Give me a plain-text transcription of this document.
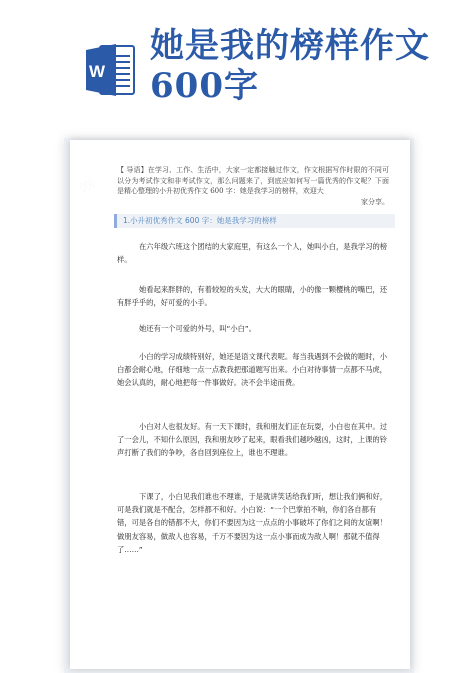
W
她是我的榜样作文
600字
【 导语】在学习、工作、生活中，大家一定都接触过作文，作文根据写作时限的不同可以分为考试作文和非考试作文，那么问题来了，到底应如何写一篇优秀的作文呢？下面是精心整理的小升初优秀作文 600 字：她是我学习的榜样，欢迎大
家分享。
1.小升初优秀作文 600 字：她是我学习的榜样
在六年级六班这个团结的大家庭里，有这么一个人，她叫小白，是我学习的榜样。
她看起来胖胖的，有着较短的头发，大大的眼睛，小的像一颗樱桃的嘴巴，还有胖乎乎的，好可爱的小手。
她还有一个可爱的外号，叫“小白”。
小白的学习成绩特别好，她还是语文课代表呢。每当我遇到不会做的题时，小白都会耐心地，仔细地一点一点教我把那道题写出来。小白对待事情一点都不马虎，她会认真的，耐心地把每一件事做好。决不会半途而费。
小白对人也很友好。有一天下课时，我和朋友们正在玩耍，小白也在其中。过了一会儿，不知什么原因，我和朋友吵了起来，眼看我们越吵越凶，这时，上课的铃声打断了我们的争吵，各自回到座位上，谁也不理谁。
下课了，小白见我们谁也不理谁，于是就讲笑话给我们听，想让我们俩和好，可是我们就是不配合，怎样都不和好。小白说：“一个巴掌拍不响，你们各自都有错，可是各自的错都不大，你们不要因为这一点点的小事破坏了你们之间的友谊啊！做朋友容易，做敌人也容易，千万不要因为这一点小事而成为敌人啊！那就不值得了……”
